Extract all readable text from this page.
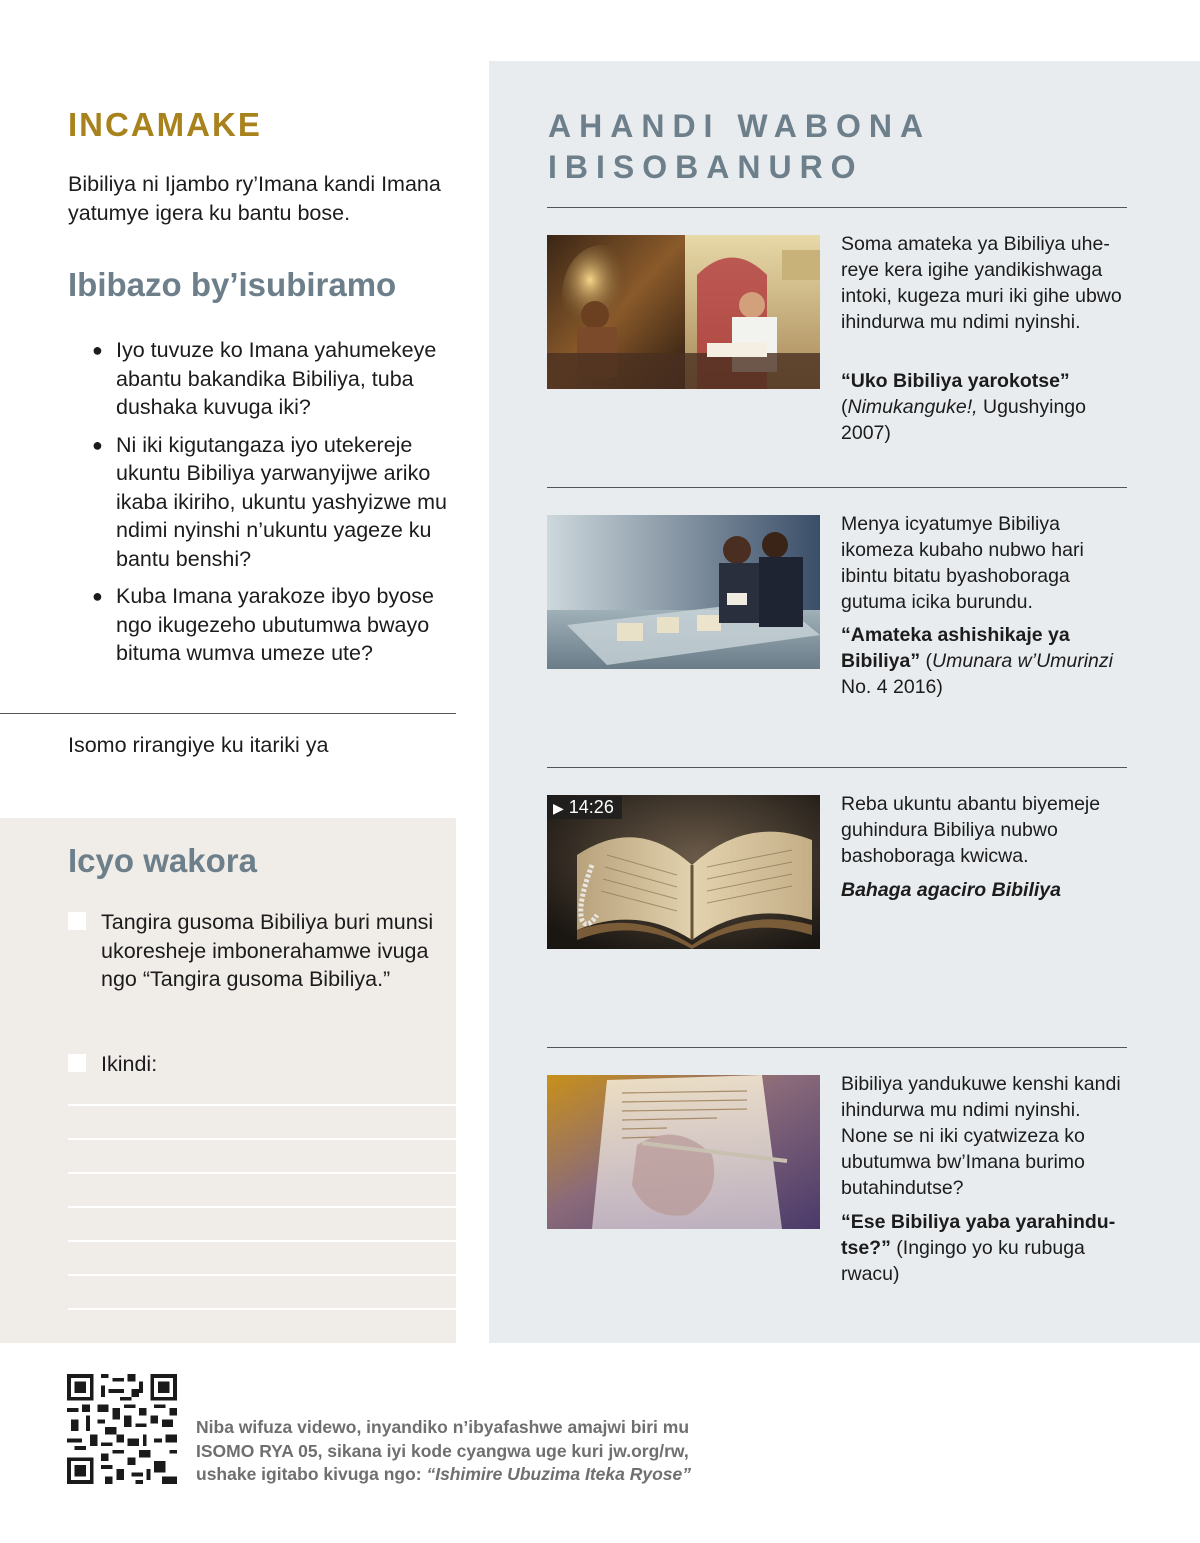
INCAMAKE

Bibiliya ni Ijambo ry’Imana kandi Imana yatumye igera ku bantu bose.

Ibibazo by’isubiramo
● Iyo tuvuze ko Imana yahumekeye abantu bakandika Bibiliya, tuba dushaka kuvuga iki?
● Ni iki kigutangaza iyo utekereje ukuntu Bibiliya yarwanyijwe ariko ikaba ikiriho, ukuntu yashyizwe mu ndimi nyinshi n’ukuntu yageze ku bantu benshi?
● Kuba Imana yarakoze ibyo byose ngo ikugezeho ubutumwa bwayo bituma wumva umeze ute?

Isomo rirangiye ku itariki ya

Icyo wakora
Tangira gusoma Bibiliya buri munsi ukoresheje imbonerahamwe ivuga ngo “Tangira gusoma Bibiliya.”
Ikindi:
AHANDI WABONA IBISOBANURO

Soma amateka ya Bibiliya uhereye kera igihe yandikishwaga intoki, kugeza muri iki gihe ubwo ihindurwa mu ndimi nyinshi.

“Uko Bibiliya yarokotse” (Nimukanguke!, Ugushyingo 2007)

Menya icyatumye Bibiliya ikomeza kubaho nubwo hari ibintu bitatu byashoboraga gutuma icika burundu.

“Amateka ashishikaje ya Bibiliya” (Umunara w’Umurinzi No. 4 2016)

▶ 14:26	Reba ukuntu abantu biyemeje guhindura Bibiliya nubwo bashoboraga kwicwa.

Bahaga agaciro Bibiliya

Bibiliya yandukuwe kenshi kandi ihindurwa mu ndimi nyinshi. None se ni iki cyatwizeza ko ubutumwa bw’Imana burimo butahindutse?

“Ese Bibiliya yaba yarahindutse?” (Ingingo yo ku rubuga rwacu)

Niba wifuza videwo, inyandiko n’ibyafashwe amajwi biri mu ISOMO RYA 05, sikana iyi kode cyangwa uge kuri jw.org/rw, ushake igitabo kivuga ngo: “Ishimire Ubuzima Iteka Ryose”
